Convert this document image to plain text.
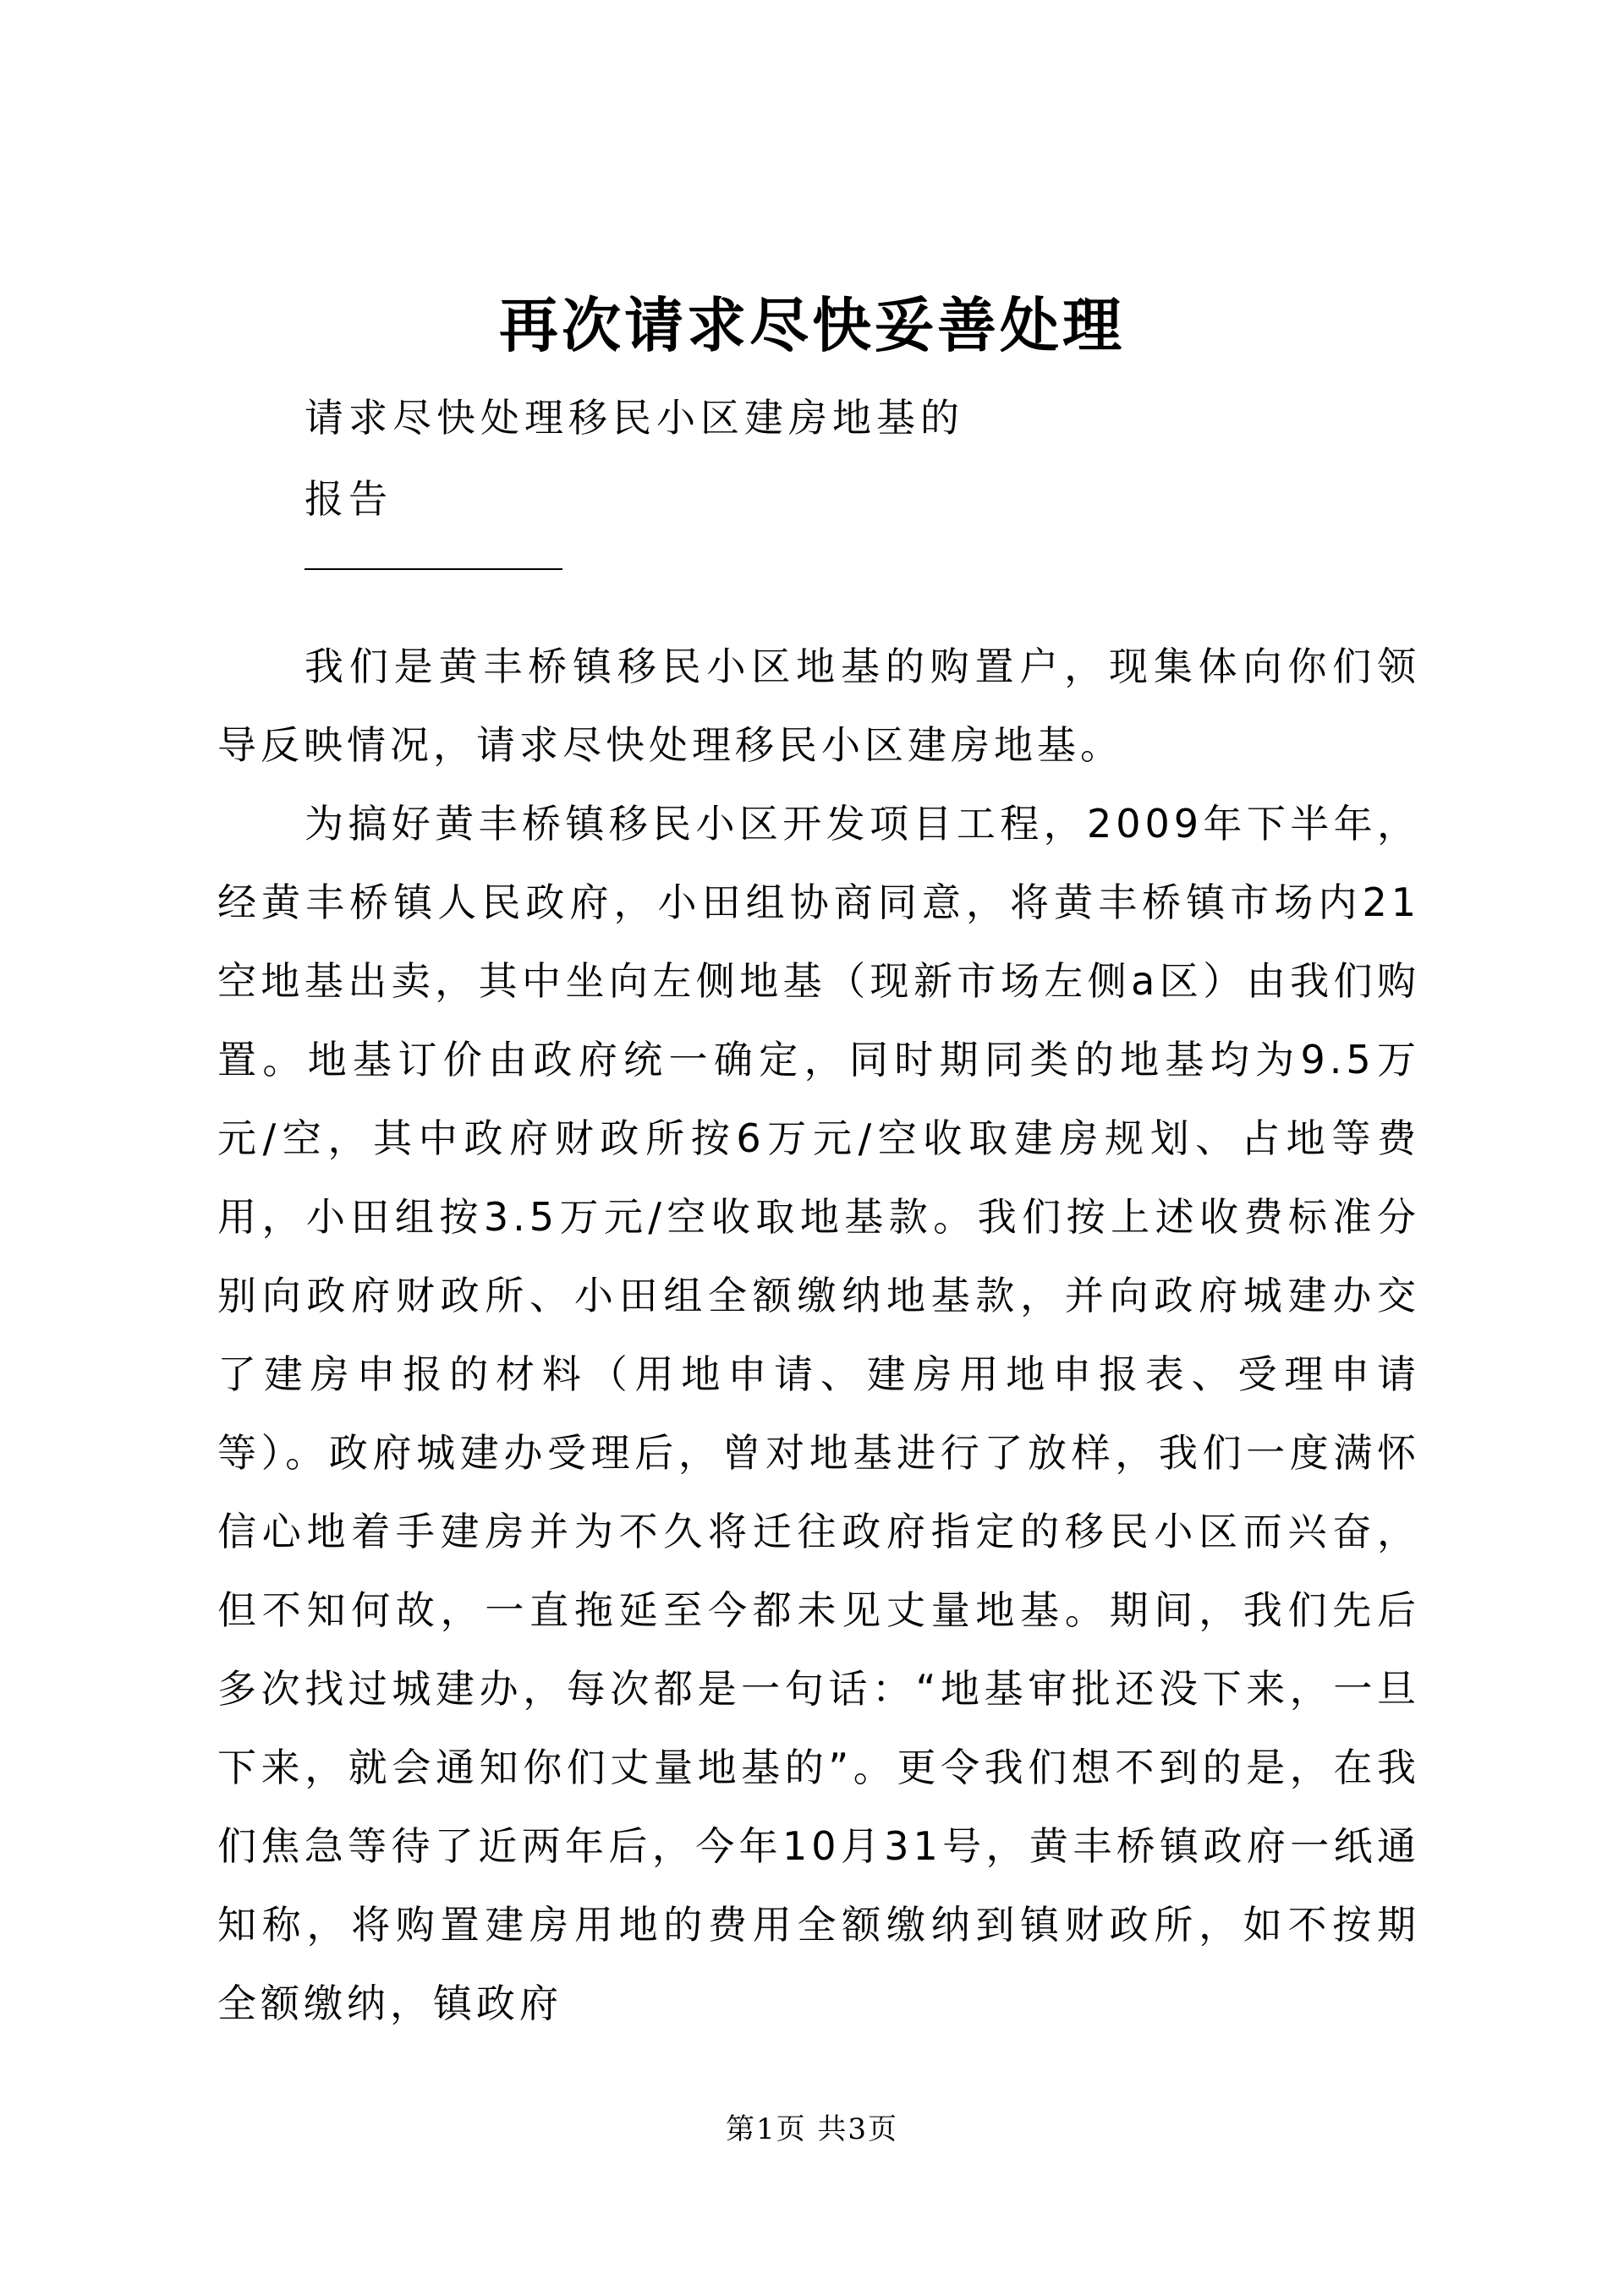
再次请求尽快妥善处理
请求尽快处理移民小区建房地基的
报告

我们是黄丰桥镇移民小区地基的购置户，现集体向你们领导反映情况，请求尽快处理移民小区建房地基。

为搞好黄丰桥镇移民小区开发项目工程，2009年下半年，经黄丰桥镇人民政府，小田组协商同意，将黄丰桥镇市场内21空地基出卖，其中坐向左侧地基（现新市场左侧a区）由我们购置。地基订价由政府统一确定，同时期同类的地基均为9.5万元/空，其中政府财政所按6万元/空收取建房规划、占地等费用，小田组按3.5万元/空收取地基款。我们按上述收费标准分别向政府财政所、小田组全额缴纳地基款，并向政府城建办交了建房申报的材料（用地申请、建房用地申报表、受理申请等）。政府城建办受理后，曾对地基进行了放样，我们一度满怀信心地着手建房并为不久将迁往政府指定的移民小区而兴奋，但不知何故，一直拖延至今都未见丈量地基。期间，我们先后多次找过城建办，每次都是一句话：“地基审批还没下来，一旦下来，就会通知你们丈量地基的”。更令我们想不到的是，在我们焦急等待了近两年后，今年10月31号，黄丰桥镇政府一纸通知称，将购置建房用地的费用全额缴纳到镇财政所，如不按期全额缴纳，镇政府

第1页 共3页
